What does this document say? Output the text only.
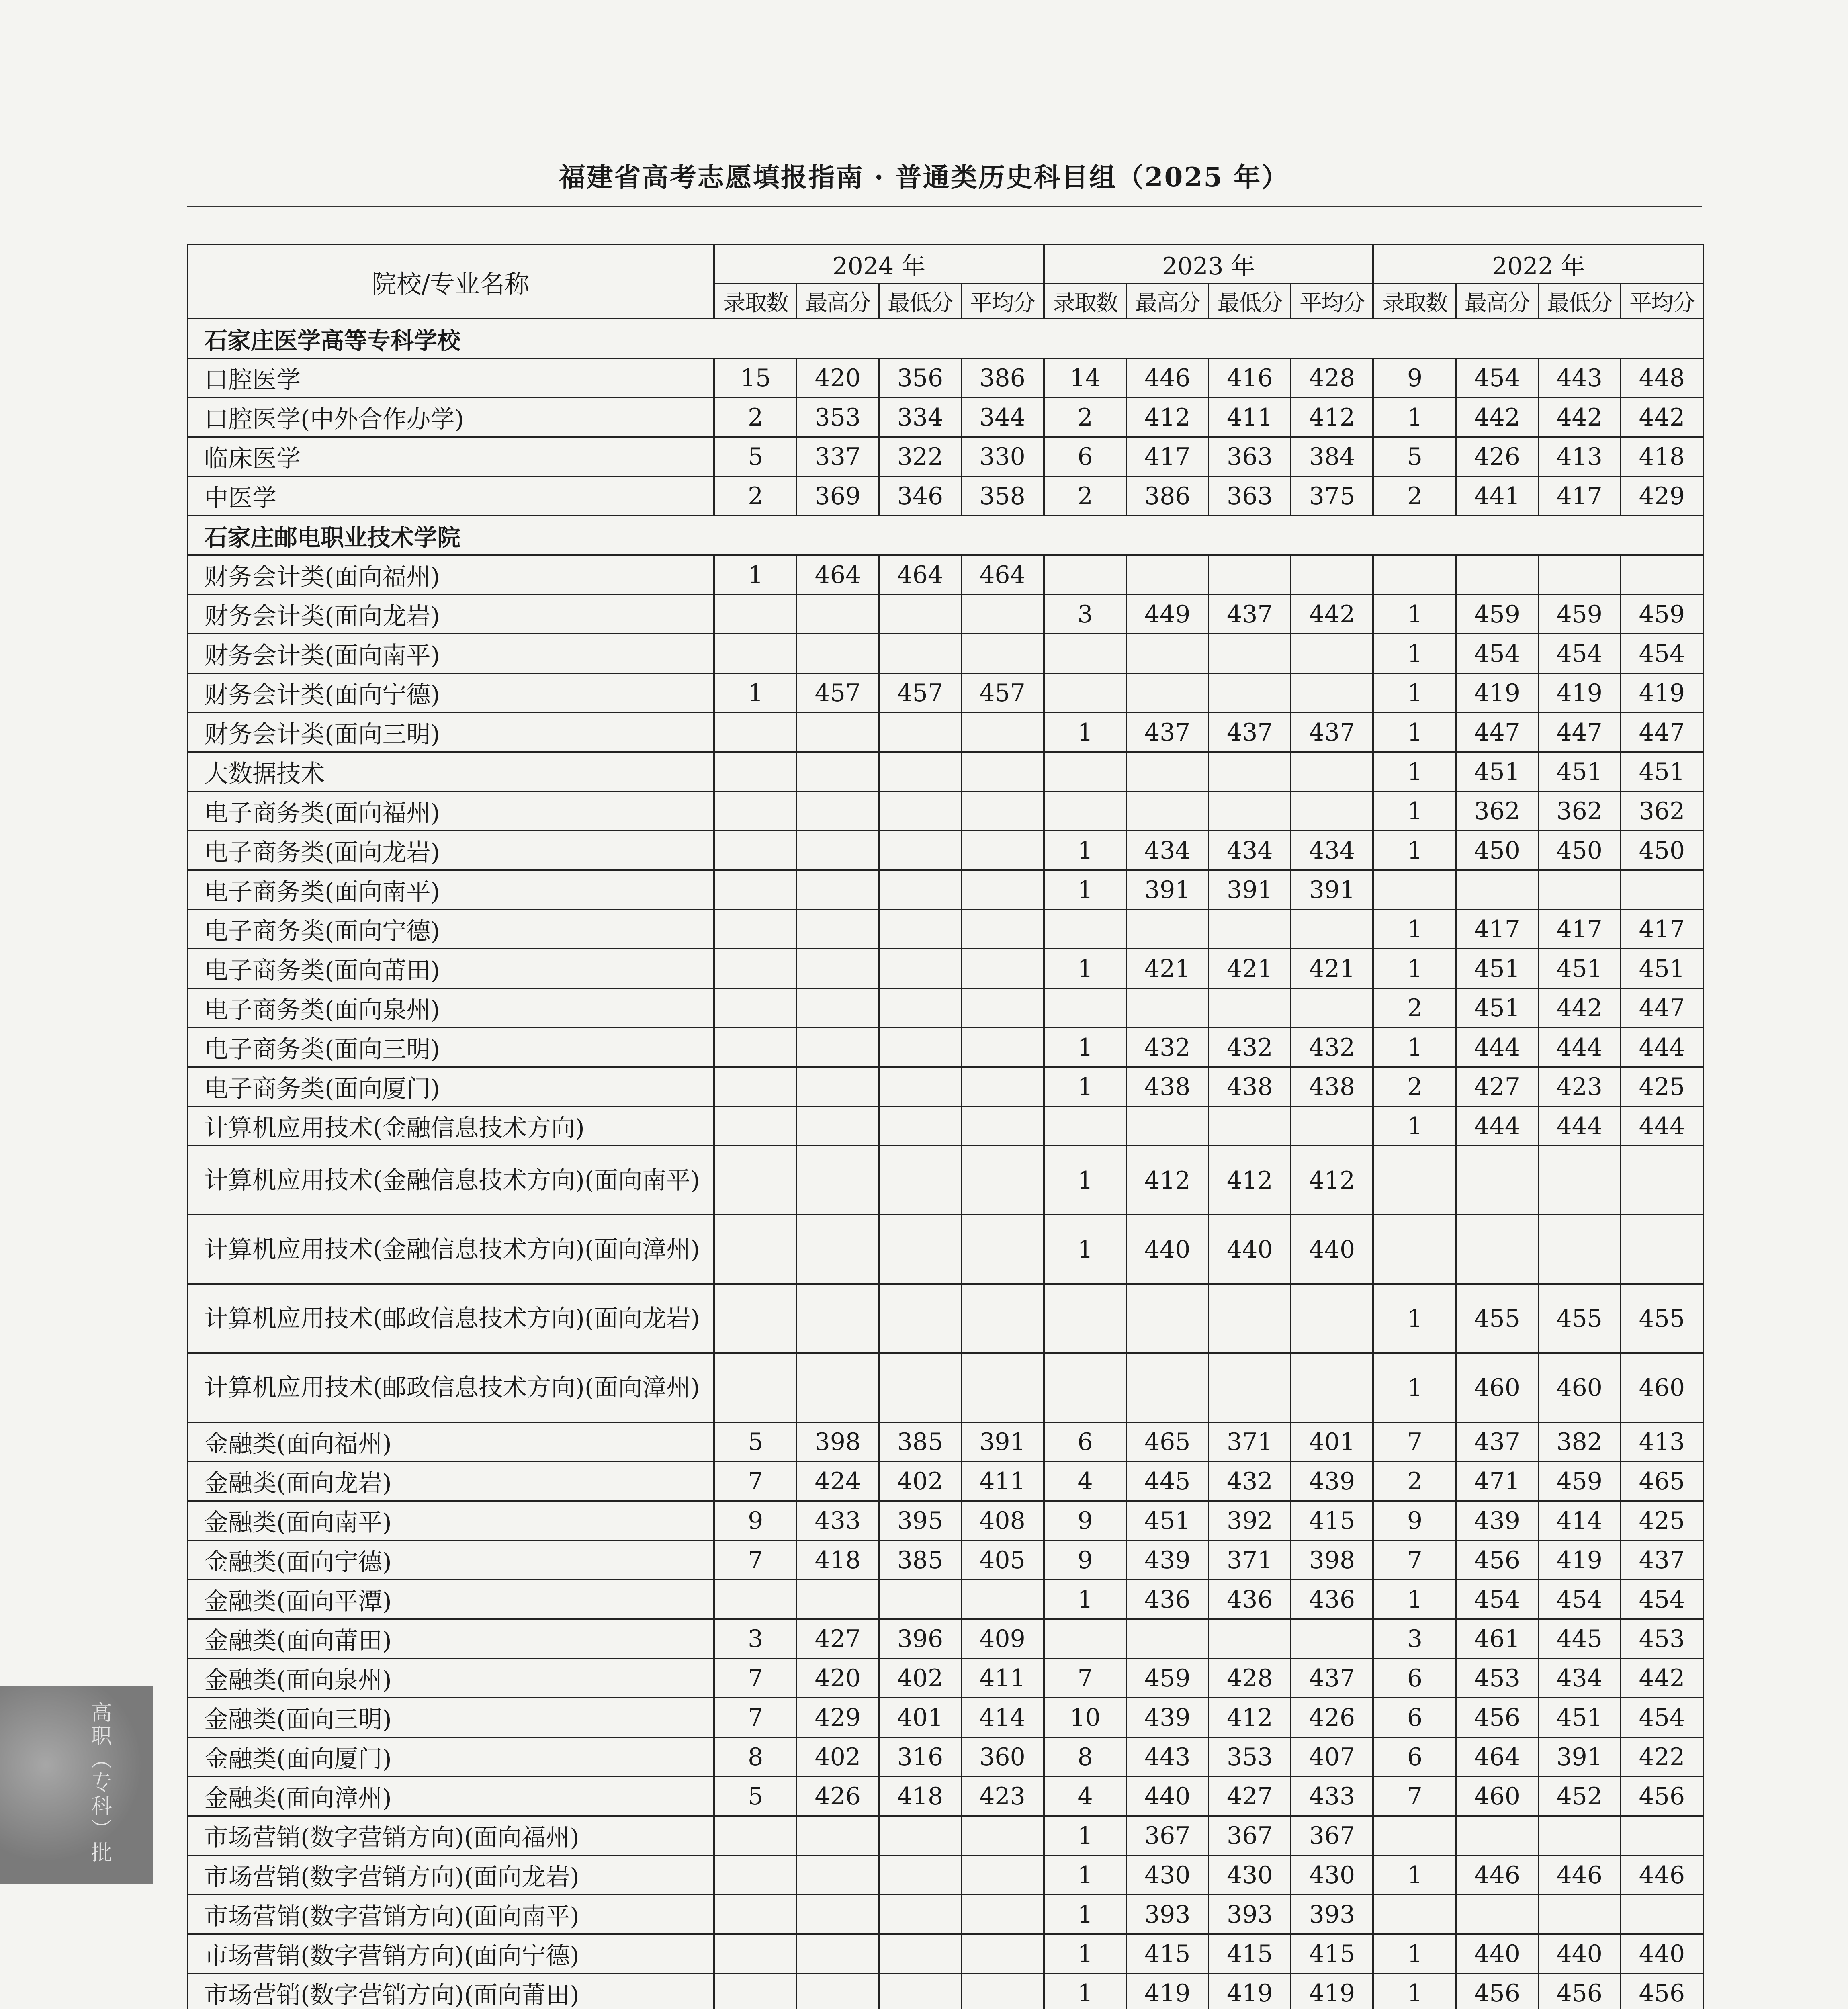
福建省高考志愿填报指南 · 普通类历史科目组（2025 年）
院校/专业名称	2024 年				2023 年				2022 年			
	录取数	最高分	最低分	平均分	录取数	最高分	最低分	平均分	录取数	最高分	最低分	平均分
石家庄医学高等专科学校												
口腔医学	15	420	356	386	14	446	416	428	9	454	443	448
口腔医学(中外合作办学)	2	353	334	344	2	412	411	412	1	442	442	442
临床医学	5	337	322	330	6	417	363	384	5	426	413	418
中医学	2	369	346	358	2	386	363	375	2	441	417	429
石家庄邮电职业技术学院												
财务会计类(面向福州)	1	464	464	464								
财务会计类(面向龙岩)					3	449	437	442	1	459	459	459
财务会计类(面向南平)									1	454	454	454
财务会计类(面向宁德)	1	457	457	457					1	419	419	419
财务会计类(面向三明)					1	437	437	437	1	447	447	447
大数据技术									1	451	451	451
电子商务类(面向福州)									1	362	362	362
电子商务类(面向龙岩)					1	434	434	434	1	450	450	450
电子商务类(面向南平)					1	391	391	391				
电子商务类(面向宁德)									1	417	417	417
电子商务类(面向莆田)					1	421	421	421	1	451	451	451
电子商务类(面向泉州)									2	451	442	447
电子商务类(面向三明)					1	432	432	432	1	444	444	444
电子商务类(面向厦门)					1	438	438	438	2	427	423	425
计算机应用技术(金融信息技术方向)									1	444	444	444
计算机应用技术(金融信息技术方向)(面向南平)					1	412	412	412				
计算机应用技术(金融信息技术方向)(面向漳州)					1	440	440	440				
计算机应用技术(邮政信息技术方向)(面向龙岩)									1	455	455	455
计算机应用技术(邮政信息技术方向)(面向漳州)									1	460	460	460
金融类(面向福州)	5	398	385	391	6	465	371	401	7	437	382	413
金融类(面向龙岩)	7	424	402	411	4	445	432	439	2	471	459	465
金融类(面向南平)	9	433	395	408	9	451	392	415	9	439	414	425
金融类(面向宁德)	7	418	385	405	9	439	371	398	7	456	419	437
金融类(面向平潭)					1	436	436	436	1	454	454	454
金融类(面向莆田)	3	427	396	409					3	461	445	453
金融类(面向泉州)	7	420	402	411	7	459	428	437	6	453	434	442
金融类(面向三明)	7	429	401	414	10	439	412	426	6	456	451	454
金融类(面向厦门)	8	402	316	360	8	443	353	407	6	464	391	422
金融类(面向漳州)	5	426	418	423	4	440	427	433	7	460	452	456
市场营销(数字营销方向)(面向福州)					1	367	367	367				
市场营销(数字营销方向)(面向龙岩)					1	430	430	430	1	446	446	446
市场营销(数字营销方向)(面向南平)					1	393	393	393				
市场营销(数字营销方向)(面向宁德)					1	415	415	415	1	440	440	440
市场营销(数字营销方向)(面向莆田)					1	419	419	419	1	456	456	456

高职（专科）批
